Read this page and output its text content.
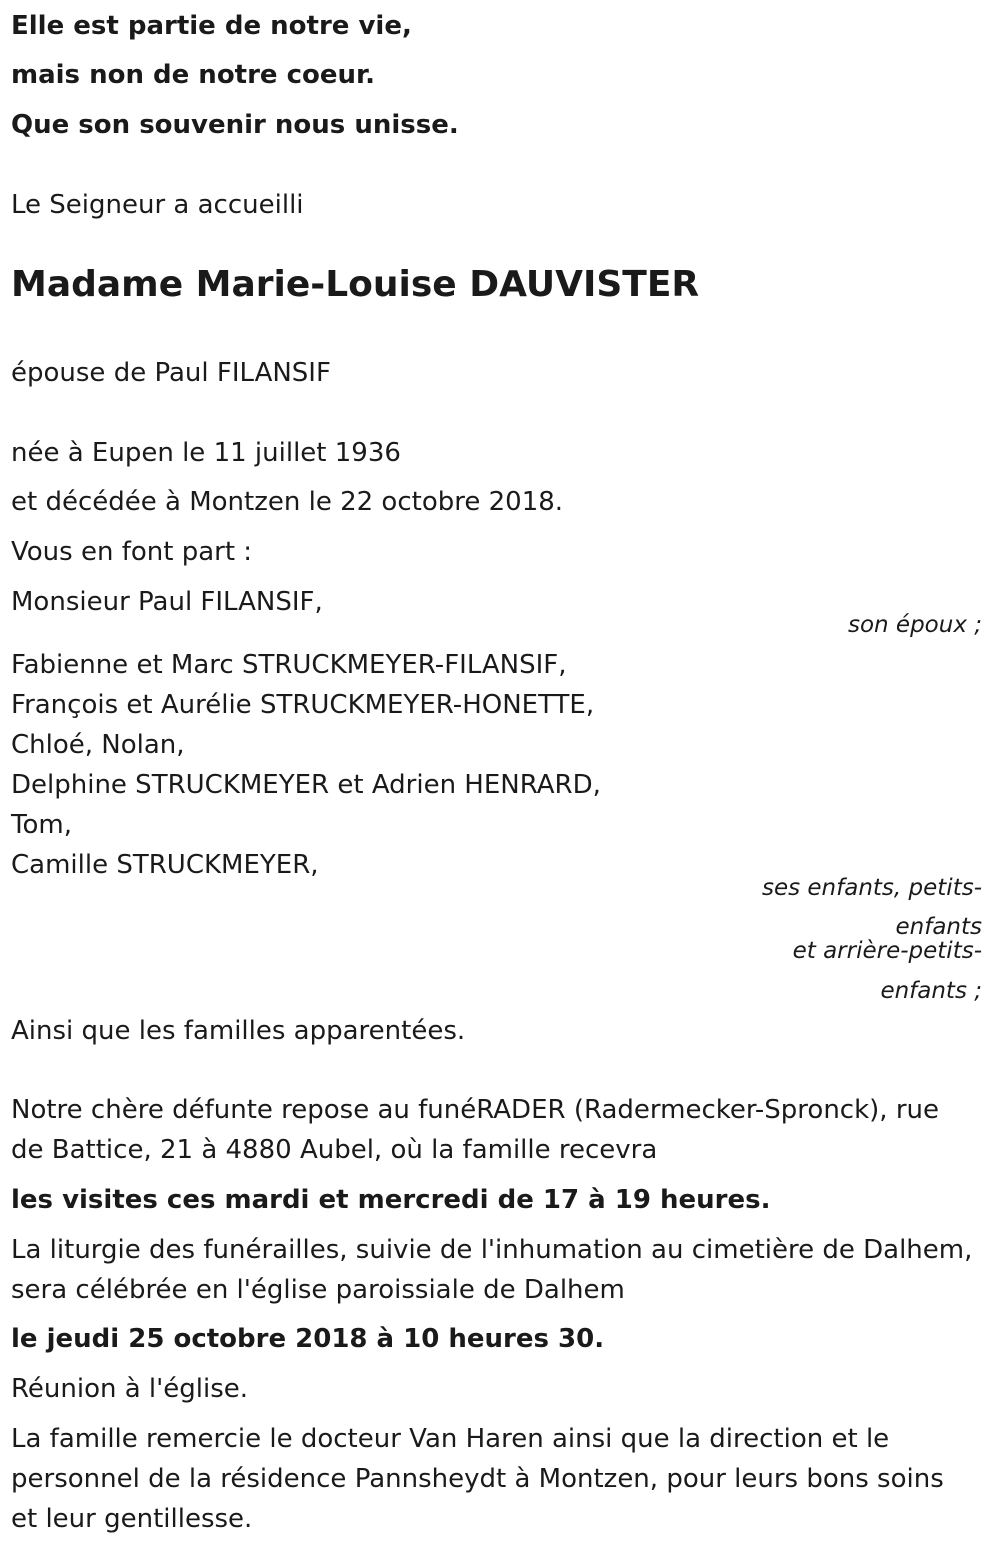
Elle est partie de notre vie,
mais non de notre coeur.
Que son souvenir nous unisse.
Le Seigneur a accueilli
Madame Marie-Louise DAUVISTER
épouse de Paul FILANSIF
née à Eupen le 11 juillet 1936
et décédée à Montzen le 22 octobre 2018.
Vous en font part :
Monsieur Paul FILANSIF,
son époux ;
Fabienne et Marc STRUCKMEYER-FILANSIF,
François et Aurélie STRUCKMEYER-HONETTE,
Chloé, Nolan,
Delphine STRUCKMEYER et Adrien HENRARD,
Tom,
Camille STRUCKMEYER,
ses enfants, petits-
enfants
et arrière-petits-
enfants ;
Ainsi que les familles apparentées.
Notre chère défunte repose au funéRADER (Radermecker-Spronck), rue
de Battice, 21 à 4880 Aubel, où la famille recevra
les visites ces mardi et mercredi de 17 à 19 heures.
La liturgie des funérailles, suivie de l'inhumation au cimetière de Dalhem,
sera célébrée en l'église paroissiale de Dalhem
le jeudi 25 octobre 2018 à 10 heures 30.
Réunion à l'église.
La famille remercie le docteur Van Haren ainsi que la direction et le
personnel de la résidence Pannsheydt à Montzen, pour leurs bons soins
et leur gentillesse.
